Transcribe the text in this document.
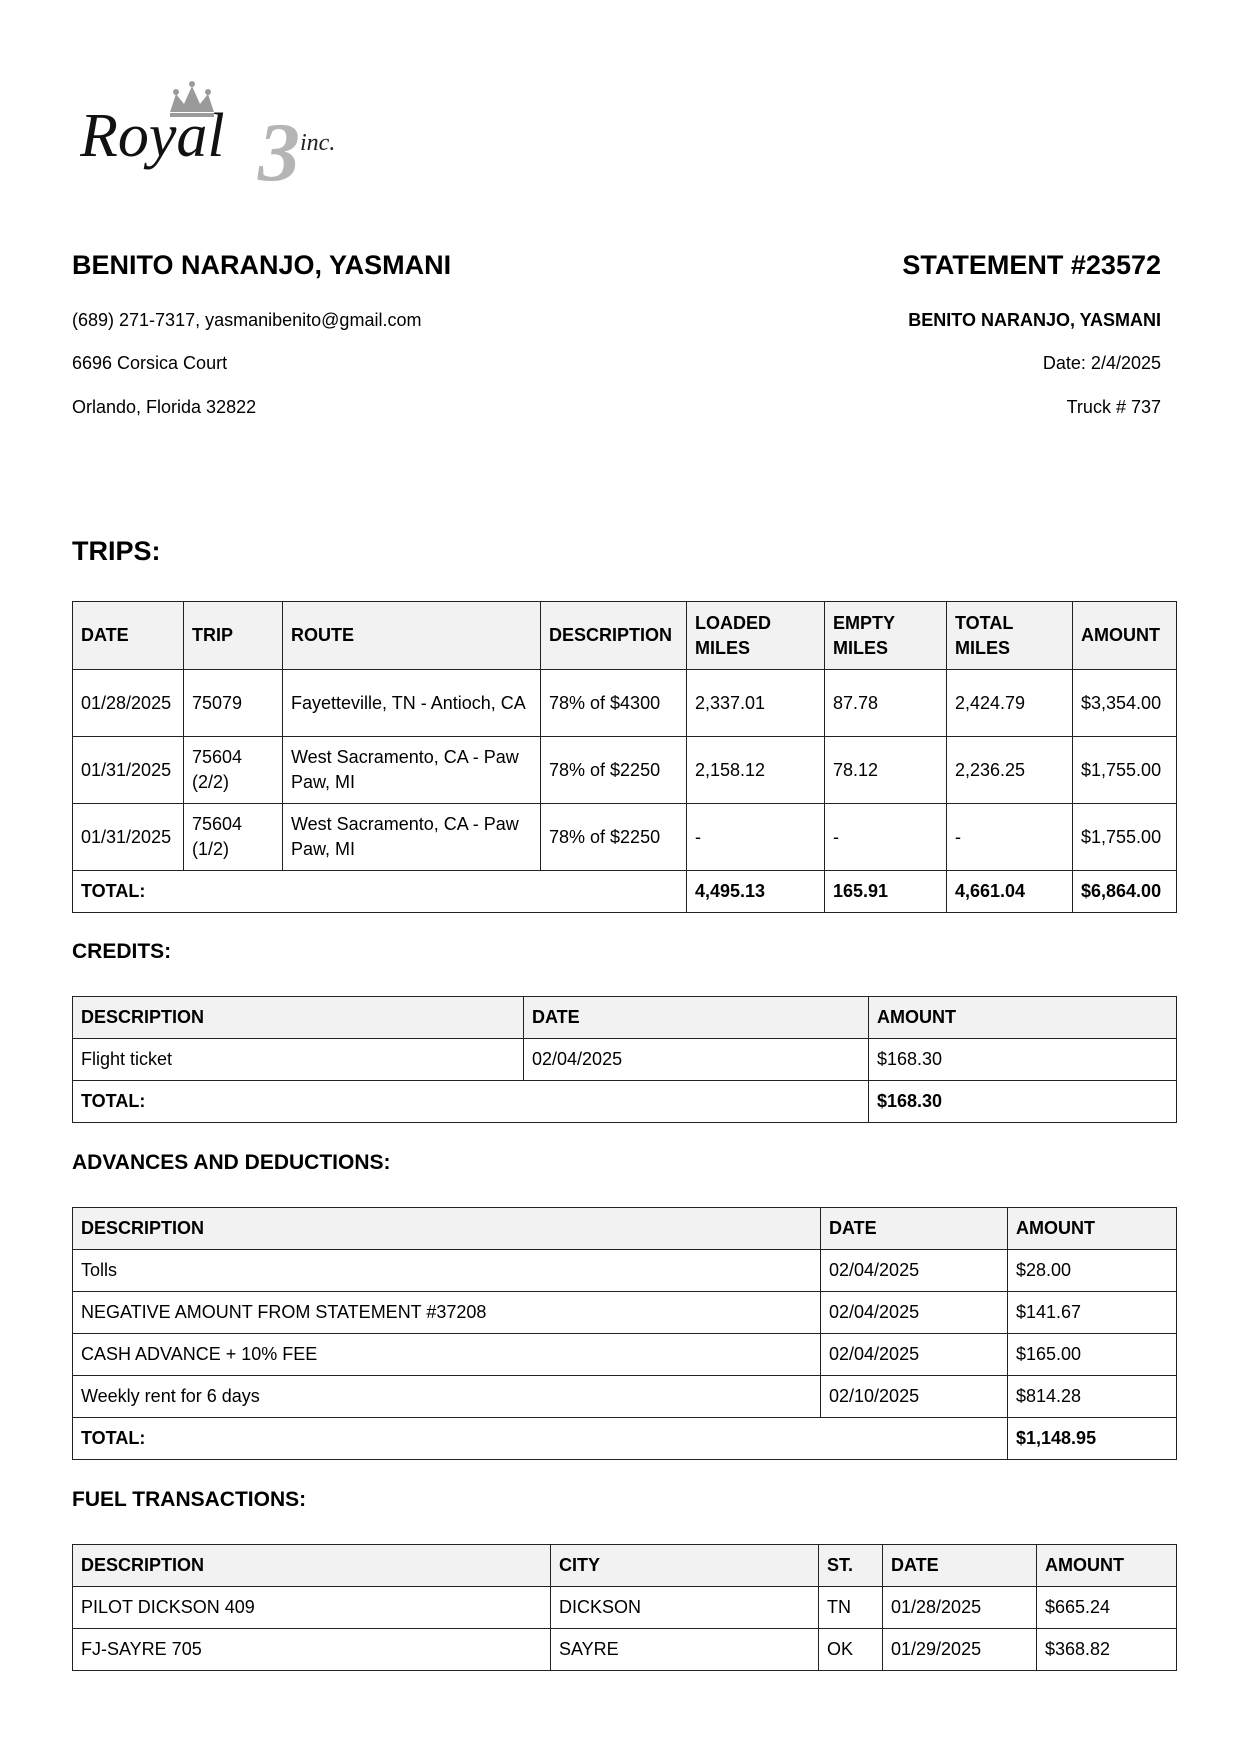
Royal 3 inc.
BENITO NARANJO, YASMANI	STATEMENT #23572
(689) 271-7317, yasmanibenito@gmail.com
6696 Corsica Court
Orlando, Florida 32822
BENITO NARANJO, YASMANI
Date: 2/4/2025
Truck # 737
TRIPS:
DATE	TRIP	ROUTE	DESCRIPTION	LOADED MILES	EMPTY MILES	TOTAL MILES	AMOUNT
01/28/2025	75079	Fayetteville, TN - Antioch, CA	78% of $4300	2,337.01	87.78	2,424.79	$3,354.00
01/31/2025	75604 (2/2)	West Sacramento, CA - Paw Paw, MI	78% of $2250	2,158.12	78.12	2,236.25	$1,755.00
01/31/2025	75604 (1/2)	West Sacramento, CA - Paw Paw, MI	78% of $2250	-	-	-	$1,755.00
TOTAL:				4,495.13	165.91	4,661.04	$6,864.00
CREDITS:
DESCRIPTION	DATE	AMOUNT
Flight ticket	02/04/2025	$168.30
TOTAL:		$168.30
ADVANCES AND DEDUCTIONS:
DESCRIPTION	DATE	AMOUNT
Tolls	02/04/2025	$28.00
NEGATIVE AMOUNT FROM STATEMENT #37208	02/04/2025	$141.67
CASH ADVANCE + 10% FEE	02/04/2025	$165.00
Weekly rent for 6 days	02/10/2025	$814.28
TOTAL:		$1,148.95
FUEL TRANSACTIONS:
DESCRIPTION	CITY	ST.	DATE	AMOUNT
PILOT DICKSON 409	DICKSON	TN	01/28/2025	$665.24
FJ-SAYRE 705	SAYRE	OK	01/29/2025	$368.82
